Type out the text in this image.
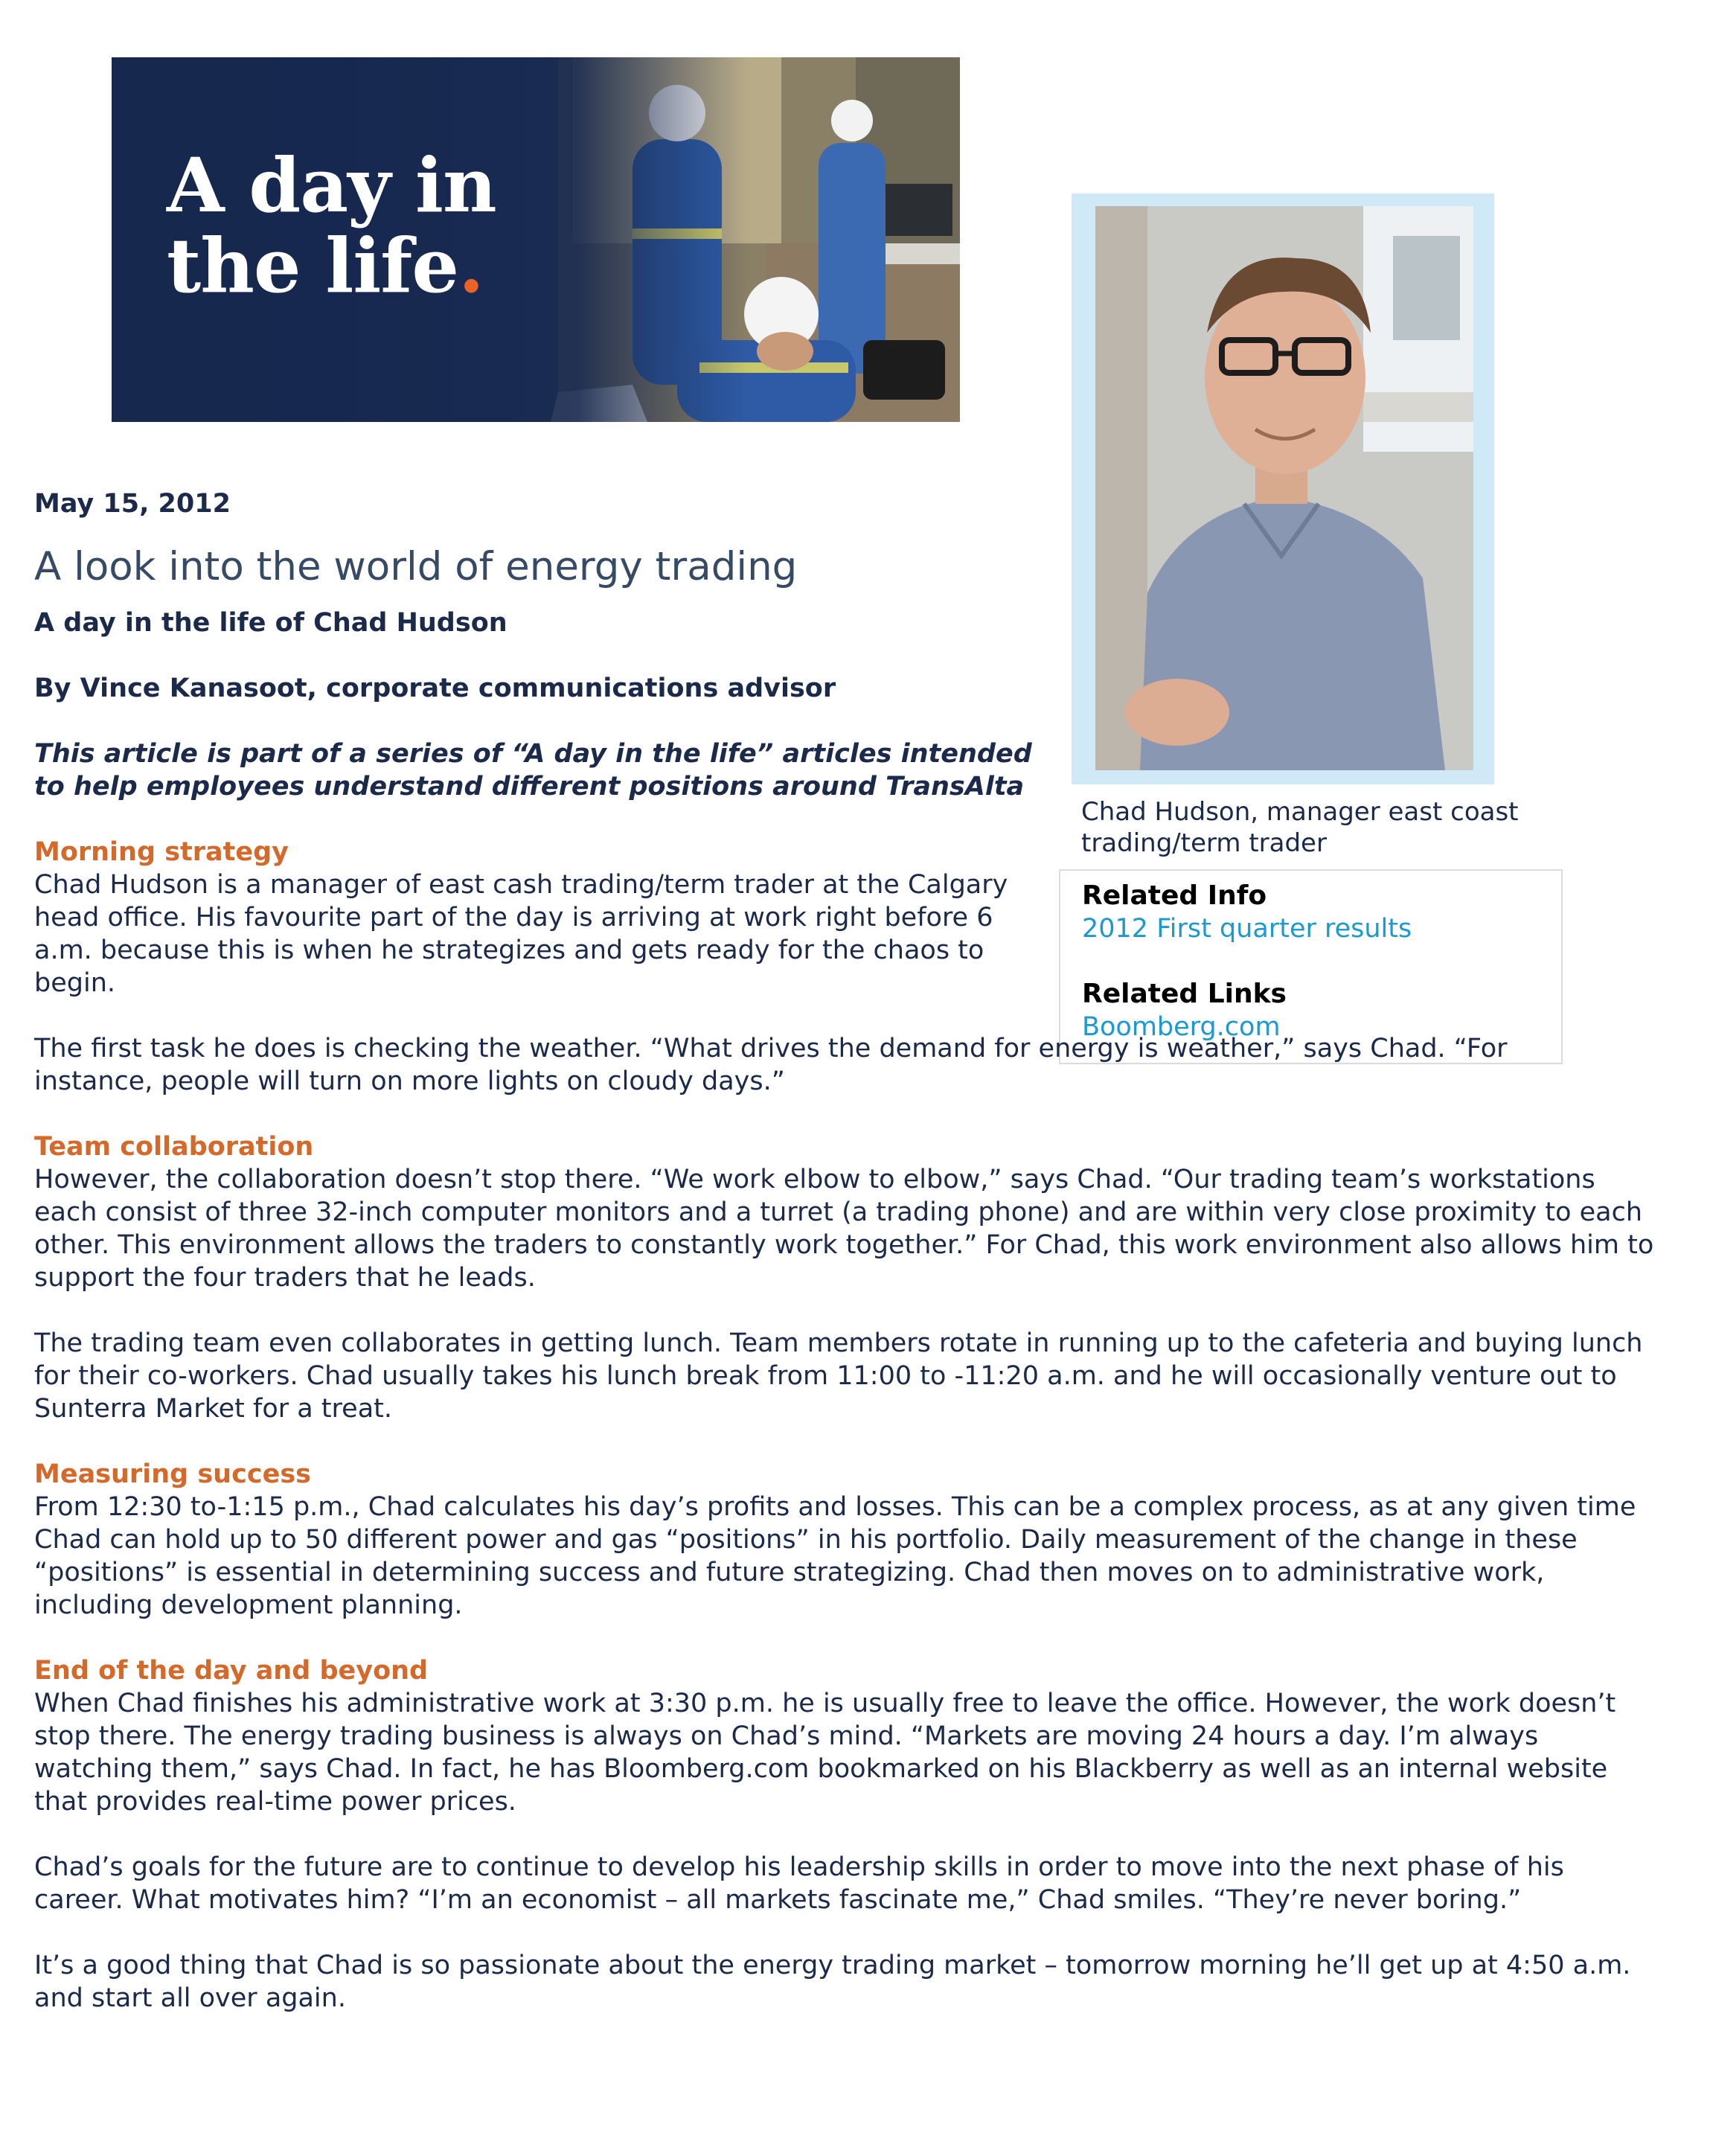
A day in
the life.
Chad Hudson, manager east coast trading/term trader
Related Info
2012 First quarter results
Related Links
Boomberg.com
May 15, 2012
A look into the world of energy trading
A day in the life of Chad Hudson
By Vince Kanasoot, corporate communications advisor
This article is part of a series of “A day in the life” articles intended to help employees understand different positions around TransAlta
Morning strategy
Chad Hudson is a manager of east cash trading/term trader at the Calgary head office. His favourite part of the day is arriving at work right before 6 a.m. because this is when he strategizes and gets ready for the chaos to begin.
The first task he does is checking the weather. “What drives the demand for energy is weather,” says Chad. “For instance, people will turn on more lights on cloudy days.”
Team collaboration
However, the collaboration doesn’t stop there. “We work elbow to elbow,” says Chad. “Our trading team’s workstations each consist of three 32-inch computer monitors and a turret (a trading phone) and are within very close proximity to each other. This environment allows the traders to constantly work together.” For Chad, this work environment also allows him to support the four traders that he leads.
The trading team even collaborates in getting lunch. Team members rotate in running up to the cafeteria and buying lunch for their co-workers. Chad usually takes his lunch break from 11:00 to -11:20 a.m. and he will occasionally venture out to Sunterra Market for a treat.
Measuring success
From 12:30 to-1:15 p.m., Chad calculates his day’s profits and losses. This can be a complex process, as at any given time Chad can hold up to 50 different power and gas “positions” in his portfolio. Daily measurement of the change in these “positions” is essential in determining success and future strategizing. Chad then moves on to administrative work, including development planning.
End of the day and beyond
When Chad finishes his administrative work at 3:30 p.m. he is usually free to leave the office. However, the work doesn’t stop there. The energy trading business is always on Chad’s mind. “Markets are moving 24 hours a day. I’m always watching them,” says Chad. In fact, he has Bloomberg.com bookmarked on his Blackberry as well as an internal website that provides real-time power prices.
Chad’s goals for the future are to continue to develop his leadership skills in order to move into the next phase of his career. What motivates him? “I’m an economist – all markets fascinate me,” Chad smiles. “They’re never boring.”
It’s a good thing that Chad is so passionate about the energy trading market – tomorrow morning he’ll get up at 4:50 a.m. and start all over again.
